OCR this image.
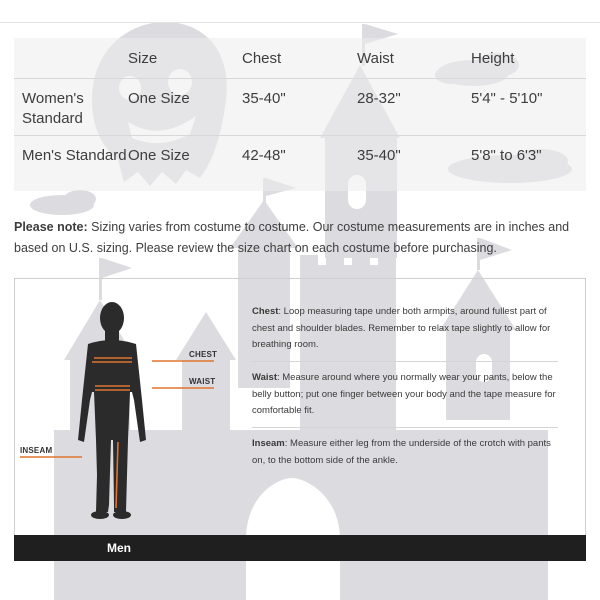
	Size	Chest	Waist	Height
Women's Standard	One Size	35-40"	28-32"	5'4" - 5'10"
Men's Standard	One Size	42-48"	35-40"	5'8" to 6'3"

Please note: Sizing varies from costume to costume. Our costume measurements are in inches and based on U.S. sizing. Please review the size chart on each costume before purchasing.

CHEST
WAIST
INSEAM

Chest: Loop measuring tape under both armpits, around fullest part of chest and shoulder blades. Remember to relax tape slightly to allow for breathing room.

Waist: Measure around where you normally wear your pants, below the belly button; put one finger between your body and the tape measure for comfortable fit.

Inseam: Measure either leg from the underside of the crotch with pants on, to the bottom side of the ankle.

Men
